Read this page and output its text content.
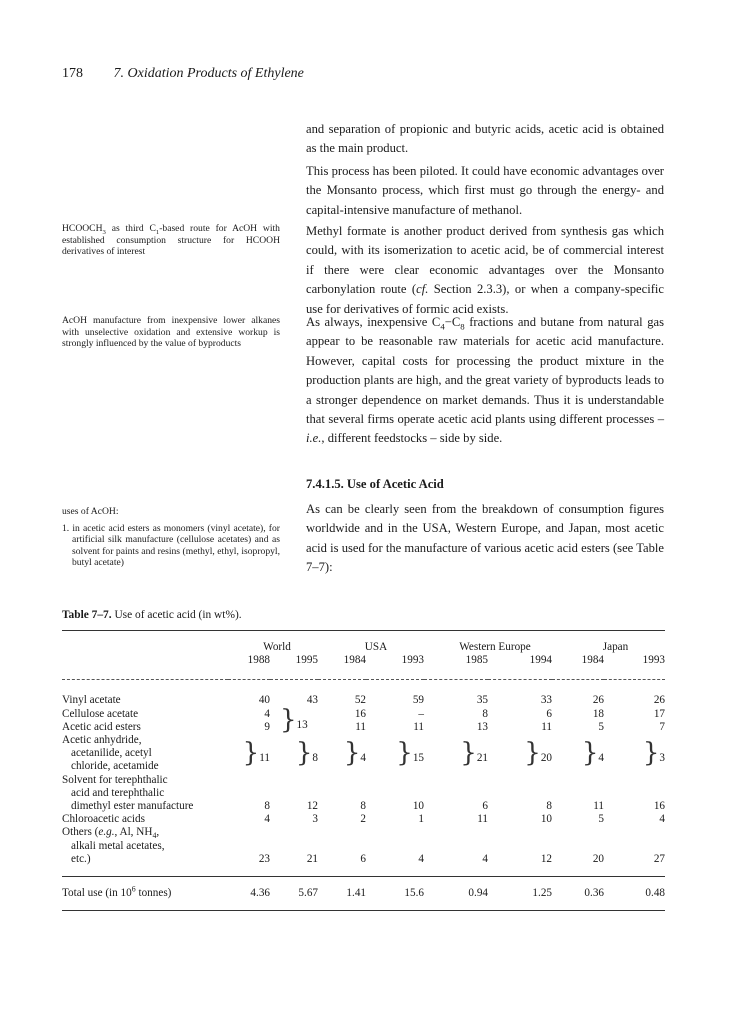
178 7. Oxidation Products of Ethylene

and separation of propionic and butyric acids, acetic acid is obtained as the main product.

This process has been piloted. It could have economic advantages over the Monsanto process, which first must go through the energy- and capital-intensive manufacture of methanol.

Methyl formate is another product derived from synthesis gas which could, with its isomerization to acetic acid, be of commercial interest if there were clear economic advantages over the Monsanto carbonylation route (cf. Section 2.3.3), or when a company-specific use for derivatives of formic acid exists.

As always, inexpensive $C_4-C_8$ fractions and butane from natural gas appear to be reasonable raw materials for acetic acid manufacture. However, capital costs for processing the product mixture in the production plants are high, and the great variety of byproducts leads to a stronger dependence on market demands. Thus it is understandable that several firms operate acetic acid plants using different processes – i.e., different feedstocks – side by side.

7.4.1.5. Use of Acetic Acid

As can be clearly seen from the breakdown of consumption figures worldwide and in the USA, Western Europe, and Japan, most acetic acid is used for the manufacture of various acetic acid esters (see Table 7–7):

$HCOOCH_3$ as third $C_1$-based route for AcOH with established consumption structure for HCOOH derivatives of interest

AcOH manufacture from inexpensive lower alkanes with unselective oxidation and extensive workup is strongly influenced by the value of byproducts

uses of AcOH:

1. in acetic acid esters as monomers (vinyl acetate), for artificial silk manufacture (cellulose acetates) and as solvent for paints and resins (methyl, ethyl, isopropyl, butyl acetate)

Table 7–7. Use of acetic acid (in wt%).
	World		USA		Western Europe		Japan	
	1988	1995	1984	1993	1985	1994	1984	1993

Vinyl acetate	40	43	52	59	35	33	26	26
Cellulose acetate	4	}13	16	–	8	6	18	17
Acetic acid esters	9		11	11	13	11	5	7

Acetic anhydride,
acetanilide, acetyl
chloride, acetamide	}11	}8	}4	}15	}21	}20	}4	}3

Solvent for terephthalic
acid and terephthalic
dimethyl ester manufacture	8	12	8	10	6	8	11	16
Chloroacetic acids	4	3	2	1	11	10	5	4

Others (e.g., Al, $NH_4$,
alkali metal acetates,
etc.)	23	21	6	4	4	12	20	27
Total use (in $10^6$ tonnes)	4.36	5.67	1.41	15.6	0.94	1.25	0.36	0.48
